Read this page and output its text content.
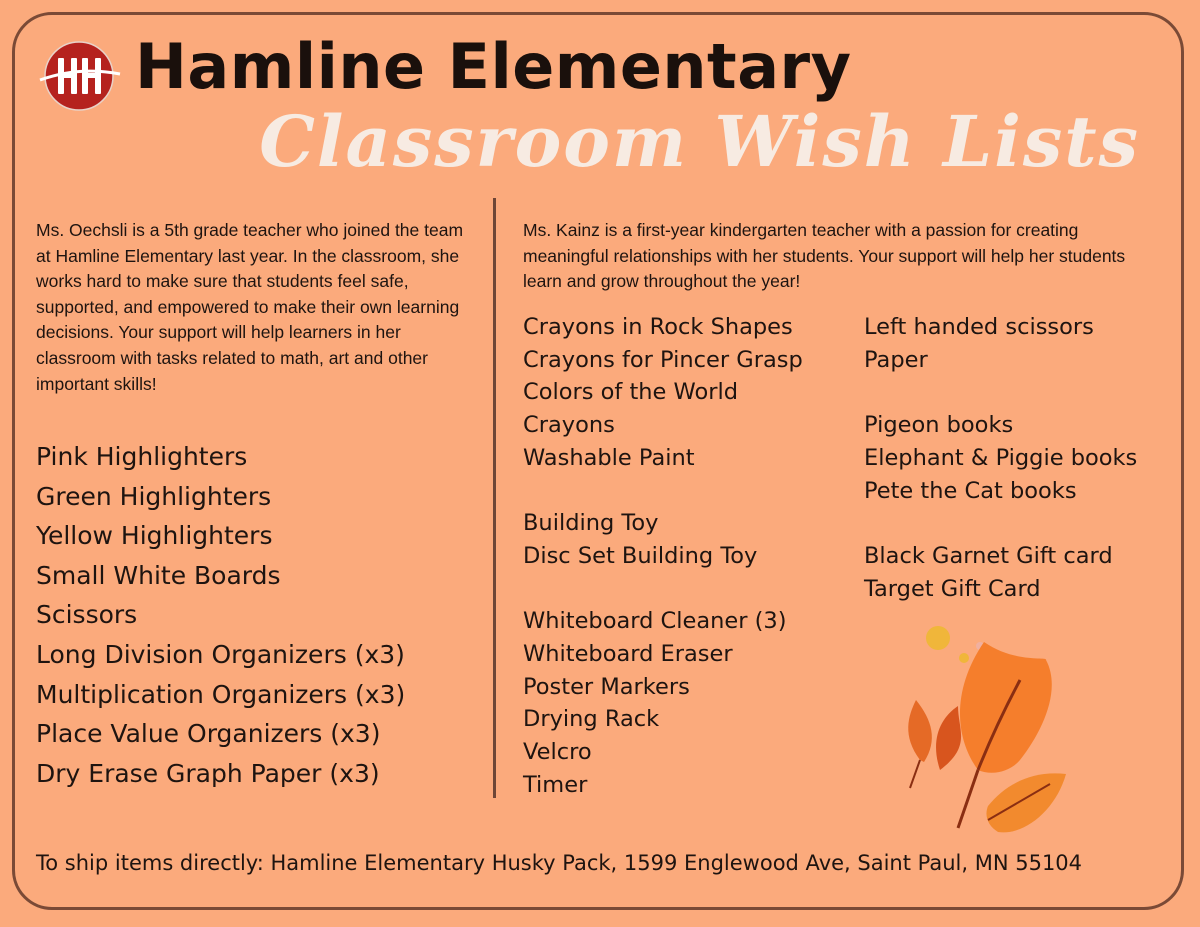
Hamline Elementary
Classroom Wish Lists

Ms. Oechsli is a 5th grade teacher who joined the team at Hamline Elementary last year. In the classroom, she works hard to make sure that students feel safe, supported, and empowered to make their own learning decisions. Your support will help learners in her classroom with tasks related to math, art and other important skills!

Pink Highlighters
Green Highlighters
Yellow Highlighters
Small White Boards
Scissors
Long Division Organizers (x3)
Multiplication Organizers (x3)
Place Value Organizers (x3)
Dry Erase Graph Paper (x3)

Ms. Kainz is a first-year kindergarten teacher with a passion for creating meaningful relationships with her students. Your support will help her students learn and grow throughout the year!

Crayons in Rock Shapes
Crayons for Pincer Grasp
Colors of the World
Crayons
Washable Paint
Building Toy
Disc Set Building Toy
Whiteboard Cleaner (3)
Whiteboard Eraser
Poster Markers
Drying Rack
Velcro
Timer
Left handed scissors
Paper
Pigeon books
Elephant & Piggie books
Pete the Cat books
Black Garnet Gift card
Target Gift Card

To ship items directly: Hamline Elementary Husky Pack, 1599 Englewood Ave, Saint Paul, MN 55104
